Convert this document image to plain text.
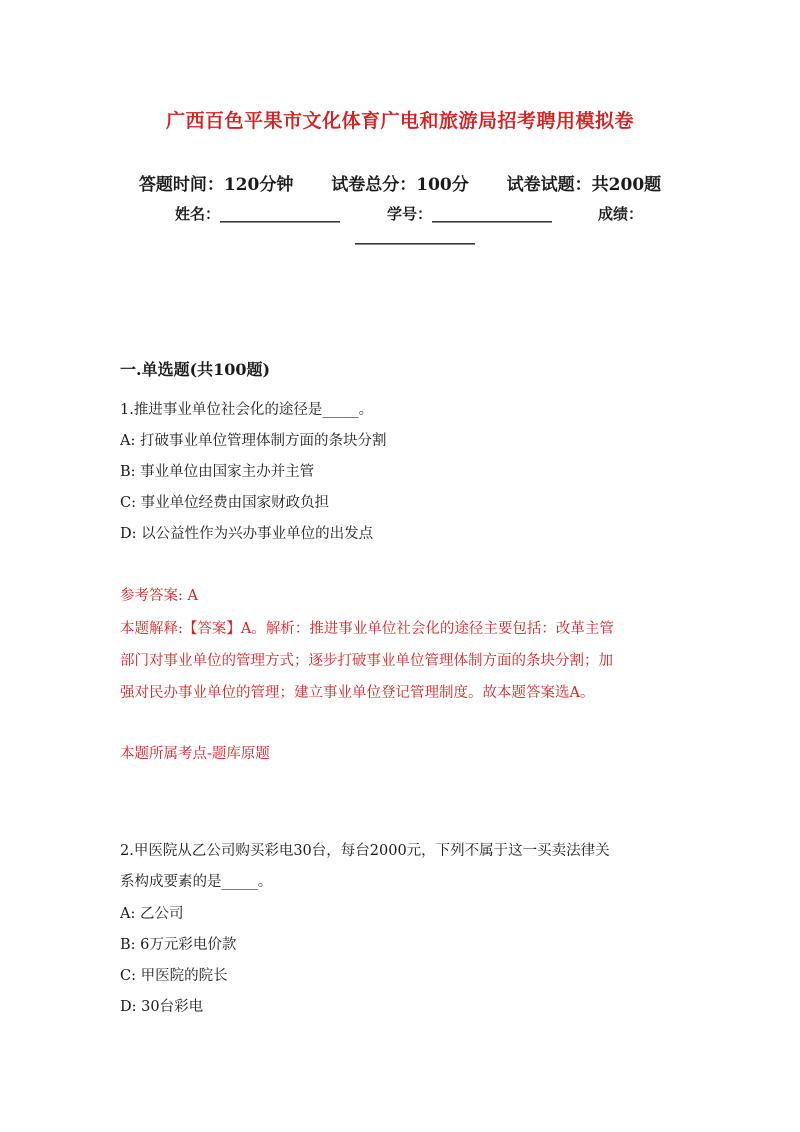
广西百色平果市文化体育广电和旅游局招考聘用模拟卷
答题时间：120分钟 试卷总分：100分 试卷试题：共200题
姓名：________________	学号：________________	成绩：
________________
一.单选题(共100题)
1.推进事业单位社会化的途径是_____。
A: 打破事业单位管理体制方面的条块分割
B: 事业单位由国家主办并主管
C: 事业单位经费由国家财政负担
D: 以公益性作为兴办事业单位的出发点
参考答案: A
本题解释:【答案】A。解析：推进事业单位社会化的途径主要包括：改革主管
部门对事业单位的管理方式；逐步打破事业单位管理体制方面的条块分割；加
强对民办事业单位的管理；建立事业单位登记管理制度。故本题答案选A。
本题所属考点-题库原题
2.甲医院从乙公司购买彩电30台，每台2000元，下列不属于这一买卖法律关
系构成要素的是_____。
A: 乙公司
B: 6万元彩电价款
C: 甲医院的院长
D: 30台彩电
